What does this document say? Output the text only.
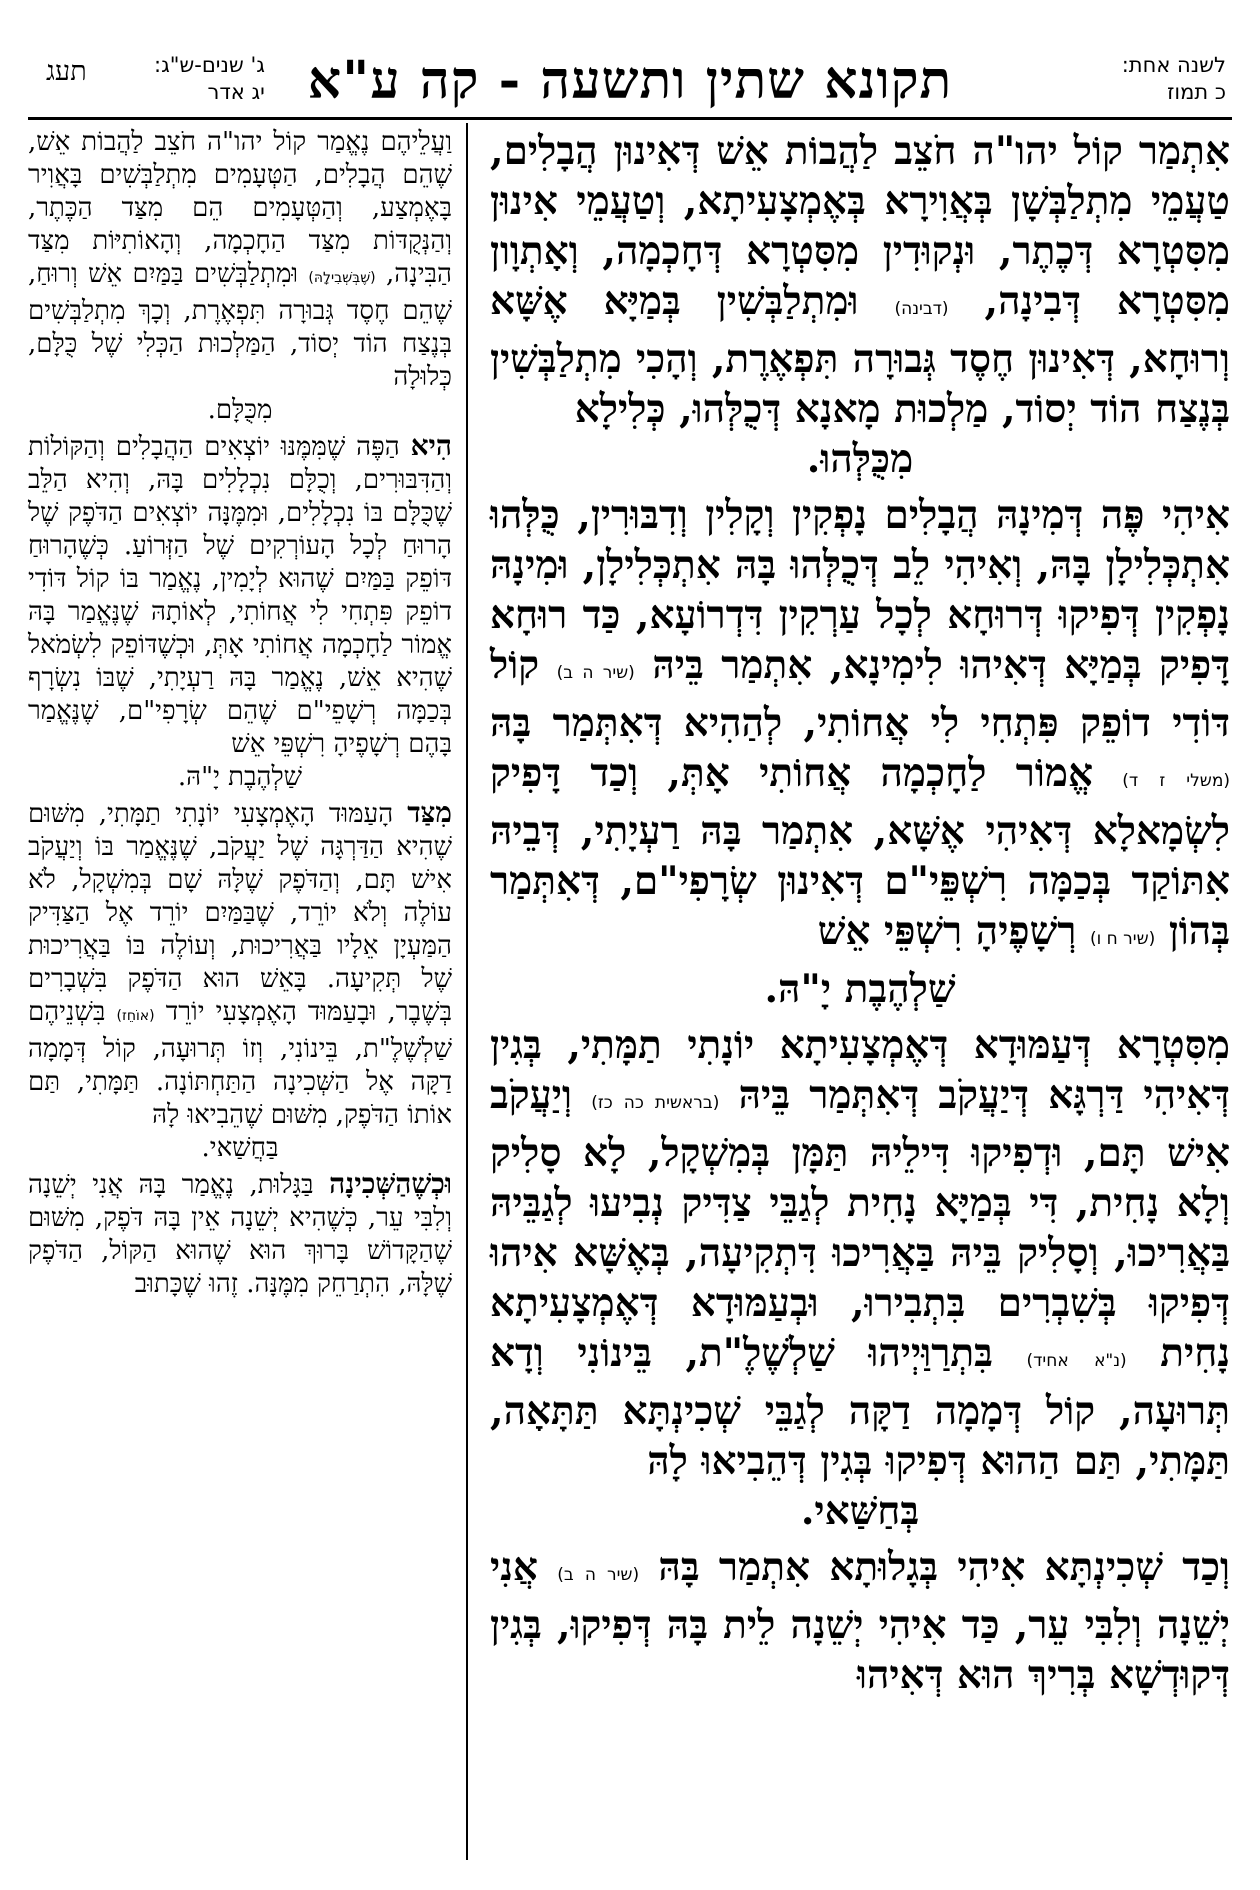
לשנה אחת:
כ תמוז
תקונא שתין ותשעה - קה ע"א
ג' שנים-ש"ג:
יג אדר
תעג

אִתְמַר קוֹל יהו"ה חֹצֵב לַהֲבוֹת אֵשׁ דְּאִינוּן הֲבָלִים, טַעֲמֵי מִתְלַבְּשָׁן בְּאֲוִירָא בְּאֶמְצָעִיתָא, וְטַעֲמֵי אִינוּן מִסִּטְרָא דְּכֶתֶר, וּנְקוּדִין מִסִּטְרָא דְּחָכְמָה, וְאָתְוָון מִסִּטְרָא דְּבִינָה, (דבינה) וּמִתְלַבְּשִׁין בְּמַיָּא אֶשָּׁא וְרוּחָא, דְּאִינוּן חֶסֶד גְּבוּרָה תִּפְאֶרֶת, וְהָכִי מִתְלַבְּשִׁין בְּנֶצַח הוֹד יְסוֹד, מַלְכוּת מָאנָא דְּכֻלְּהוּ, כְּלִילָא
מִכֻּלְּהוּ.

אִיהִי פֶּה דְּמִינָהּ הֲבָלִים נָפְקִין וְקָלִין וְדִבּוּרִין, כֻּלְּהוּ אִתְכְּלִילָן בָּהּ, וְאִיהִי לֵב דְּכֻלְּהוּ בָּהּ אִתְכְּלִילָן, וּמִינָהּ נָפְקִין דְּפִיקוּ דְּרוּחָא לְכָל עַרְקִין דִּדְרוֹעָא, כַּד רוּחָא דָּפִיק בְּמַיָּא דְּאִיהוּ לִימִינָא, אִתְמַר בֵּיהּ (שיר ה ב) קוֹל דּוֹדִי דוֹפֵק פִּתְחִי לִי אֲחוֹתִי, לְהַהִיא דְּאִתְּמַר בָּהּ (משלי ז ד) אֱמוֹר לַחָכְמָה אֲחוֹתִי אָתְּ, וְכַד דָּפִיק לִשְׂמָאלָא דְּאִיהִי אֶשָּׁא, אִתְמַר בָּהּ רַעְיָתִי, דְּבֵיהּ אִתּוֹקַד בְּכַמָּה רִשְׁפֵּי"ם דְּאִינוּן שְׂרָפִי"ם, דְּאִתְּמַר בְּהוֹן (שיר ח ו) רְשָׁפֶיהָ רִשְׁפֵּי אֵשׁ
שַׁלְהֶבֶת יָ"הּ.

מִסִּטְרָא דְּעַמּוּדָא דְּאֶמְצָעִיתָא יוֹנָתִי תַמָּתִי, בְּגִין דְּאִיהִי דַּרְגָּא דְּיַעֲקֹב דְּאִתְּמַר בֵּיהּ (בראשית כה כז) וְיַעֲקֹב אִישׁ תָּם, וּדְפִיקוּ דִּילֵיהּ תַּמָּן בְּמִשְׁקָל, לָא סָלִיק וְלָא נָחִית, דִּי בְּמַיָּא נָחִית לְגַבֵּי צַדִּיק נְבִיעוּ לְגַבֵּיהּ בַּאֲרִיכוּ, וְסָלִיק בֵּיהּ בַּאֲרִיכוּ דִּתְקִיעָה, בְּאֶשָּׁא אִיהוּ דְּפִיקוּ בְּשִׁבְרִים בִּתְבִירוּ, וּבְעַמּוּדָא דְּאֶמְצָעִיתָא נָחִית (נ"א אחיד) בִּתְרַוַּיְיהוּ שַׁלְשֶׁלֶ"ת, בֵּינוֹנִי וְדָא תְּרוּעָה, קוֹל דְּמָמָה דַקָּה לְגַבֵּי שְׁכִינְתָּא תַּתָּאָה, תַּמָּתִי, תַּם הַהוּא דְּפִיקוּ בְּגִין דְּהֵבִיאוּ לָהּ
בְּחַשַּׁאי.

וְכַד שְׁכִינְתָּא אִיהִי בְּגָלוּתָא אִתְמַר בָּהּ (שיר ה ב) אֲנִי יְשֵׁנָה וְלִבִּי עֵר, כַּד אִיהִי יְשֵׁנָה לֵית בָּהּ דְּפִיקוּ, בְּגִין דְּקוּדְשָׁא בְּרִיךְ הוּא דְּאִיהוּ

וַעֲלֵיהֶם נֶאֱמַר קוֹל יהו"ה חֹצֵב לַהֲבוֹת אֵשׁ, שֶׁהֵם הֲבָלִים, הַטְּעָמִים מִתְלַבְּשִׁים בָּאֲוִיר בָּאֶמְצַע, וְהַטְּעָמִים הֵם מִצַּד הַכֶּתֶר, וְהַנְּקֻדּוֹת מִצַּד הַחָכְמָה, וְהָאוֹתִיּוֹת מִצַּד הַבִּינָה, (שֶׁבְּשְׁבִילָהּ) וּמִתְלַבְּשִׁים בַּמַּיִם אֵשׁ וְרוּחַ, שֶׁהֵם חֶסֶד גְּבוּרָה תִּפְאֶרֶת, וְכָךְ מִתְלַבְּשִׁים בְּנֶצַח הוֹד יְסוֹד, הַמַּלְכוּת הַכְּלִי שֶׁל כֻּלָּם, כְּלוּלָה
מִכֻּלָּם.

הִיא הַפֶּה שֶׁמִּמֶּנּוּ יוֹצְאִים הַהֲבָלִים וְהַקּוֹלוֹת וְהַדִּבּוּרִים, וְכֻלָּם נִכְלָלִים בָּהּ, וְהִיא הַלֵּב שֶׁכֻּלָּם בּוֹ נִכְלָלִים, וּמִמֶּנָּה יוֹצְאִים הַדֹּפֶק שֶׁל הָרוּחַ לְכָל הָעוֹרְקִים שֶׁל הַזְּרוֹעַ. כְּשֶׁהָרוּחַ דּוֹפֵק בַּמַּיִם שֶׁהוּא לְיָמִין, נֶאֱמַר בּוֹ קוֹל דּוֹדִי דוֹפֵק פִּתְחִי לִי אֲחוֹתִי, לְאוֹתָהּ שֶׁנֶּאֱמַר בָּהּ אֱמוֹר לַחָכְמָה אֲחוֹתִי אָתְּ, וּכְשֶׁדּוֹפֵק לִשְׂמֹאל שֶׁהִיא אֵשׁ, נֶאֱמַר בָּהּ רַעְיָתִי, שֶׁבּוֹ נִשְׂרָף בְּכַמָּה רְשָׁפֵי"ם שֶׁהֵם שְׂרָפִי"ם, שֶׁנֶּאֱמַר בָּהֶם רְשָׁפֶיהָ רִשְׁפֵּי אֵשׁ
שַׁלְהֶבֶת יָ"הּ.

מִצַּד הָעַמּוּד הָאֶמְצָעִי יוֹנָתִי תַמָּתִי, מִשּׁוּם שֶׁהִיא הַדַּרְגָּה שֶׁל יַעֲקֹב, שֶׁנֶּאֱמַר בּוֹ וְיַעֲקֹב אִישׁ תָּם, וְהַדֹּפֶק שֶׁלָּהּ שָׁם בְּמִשְׁקָל, לֹא עוֹלֶה וְלֹא יוֹרֵד, שֶׁבַּמַּיִם יוֹרֵד אֶל הַצַּדִּיק הַמַּעְיָן אֵלָיו בַּאֲרִיכוּת, וְעוֹלֶה בּוֹ בַּאֲרִיכוּת שֶׁל תְּקִיעָה. בָּאֵשׁ הוּא הַדֹּפֶק בִּשְׁבָרִים בְּשֶׁבֶר, וּבָעַמּוּד הָאֶמְצָעִי יוֹרֵד (אוֹחֵז) בִּשְׁנֵיהֶם שַׁלְשֶׁלֶ"ת, בֵּינוֹנִי, וְזוֹ תְּרוּעָה, קוֹל דְּמָמָה דַקָּה אֶל הַשְּׁכִינָה הַתַּחְתּוֹנָה. תַּמָּתִי, תַּם אוֹתוֹ הַדֹּפֶק, מִשּׁוּם שֶׁהֵבִיאוּ לָהּ
בַּחֲשַׁאי.

וּכְשֶׁהַשְּׁכִינָה בַּגָּלוּת, נֶאֱמַר בָּהּ אֲנִי יְשֵׁנָה וְלִבִּי עֵר, כְּשֶׁהִיא יְשֵׁנָה אֵין בָּהּ דֹּפֶק, מִשּׁוּם שֶׁהַקָּדוֹשׁ בָּרוּךְ הוּא שֶׁהוּא הַקּוֹל, הַדֹּפֶק שֶׁלָּהּ, הִתְרַחֵק מִמֶּנָּה. זֶהוּ שֶׁכָּתוּב
